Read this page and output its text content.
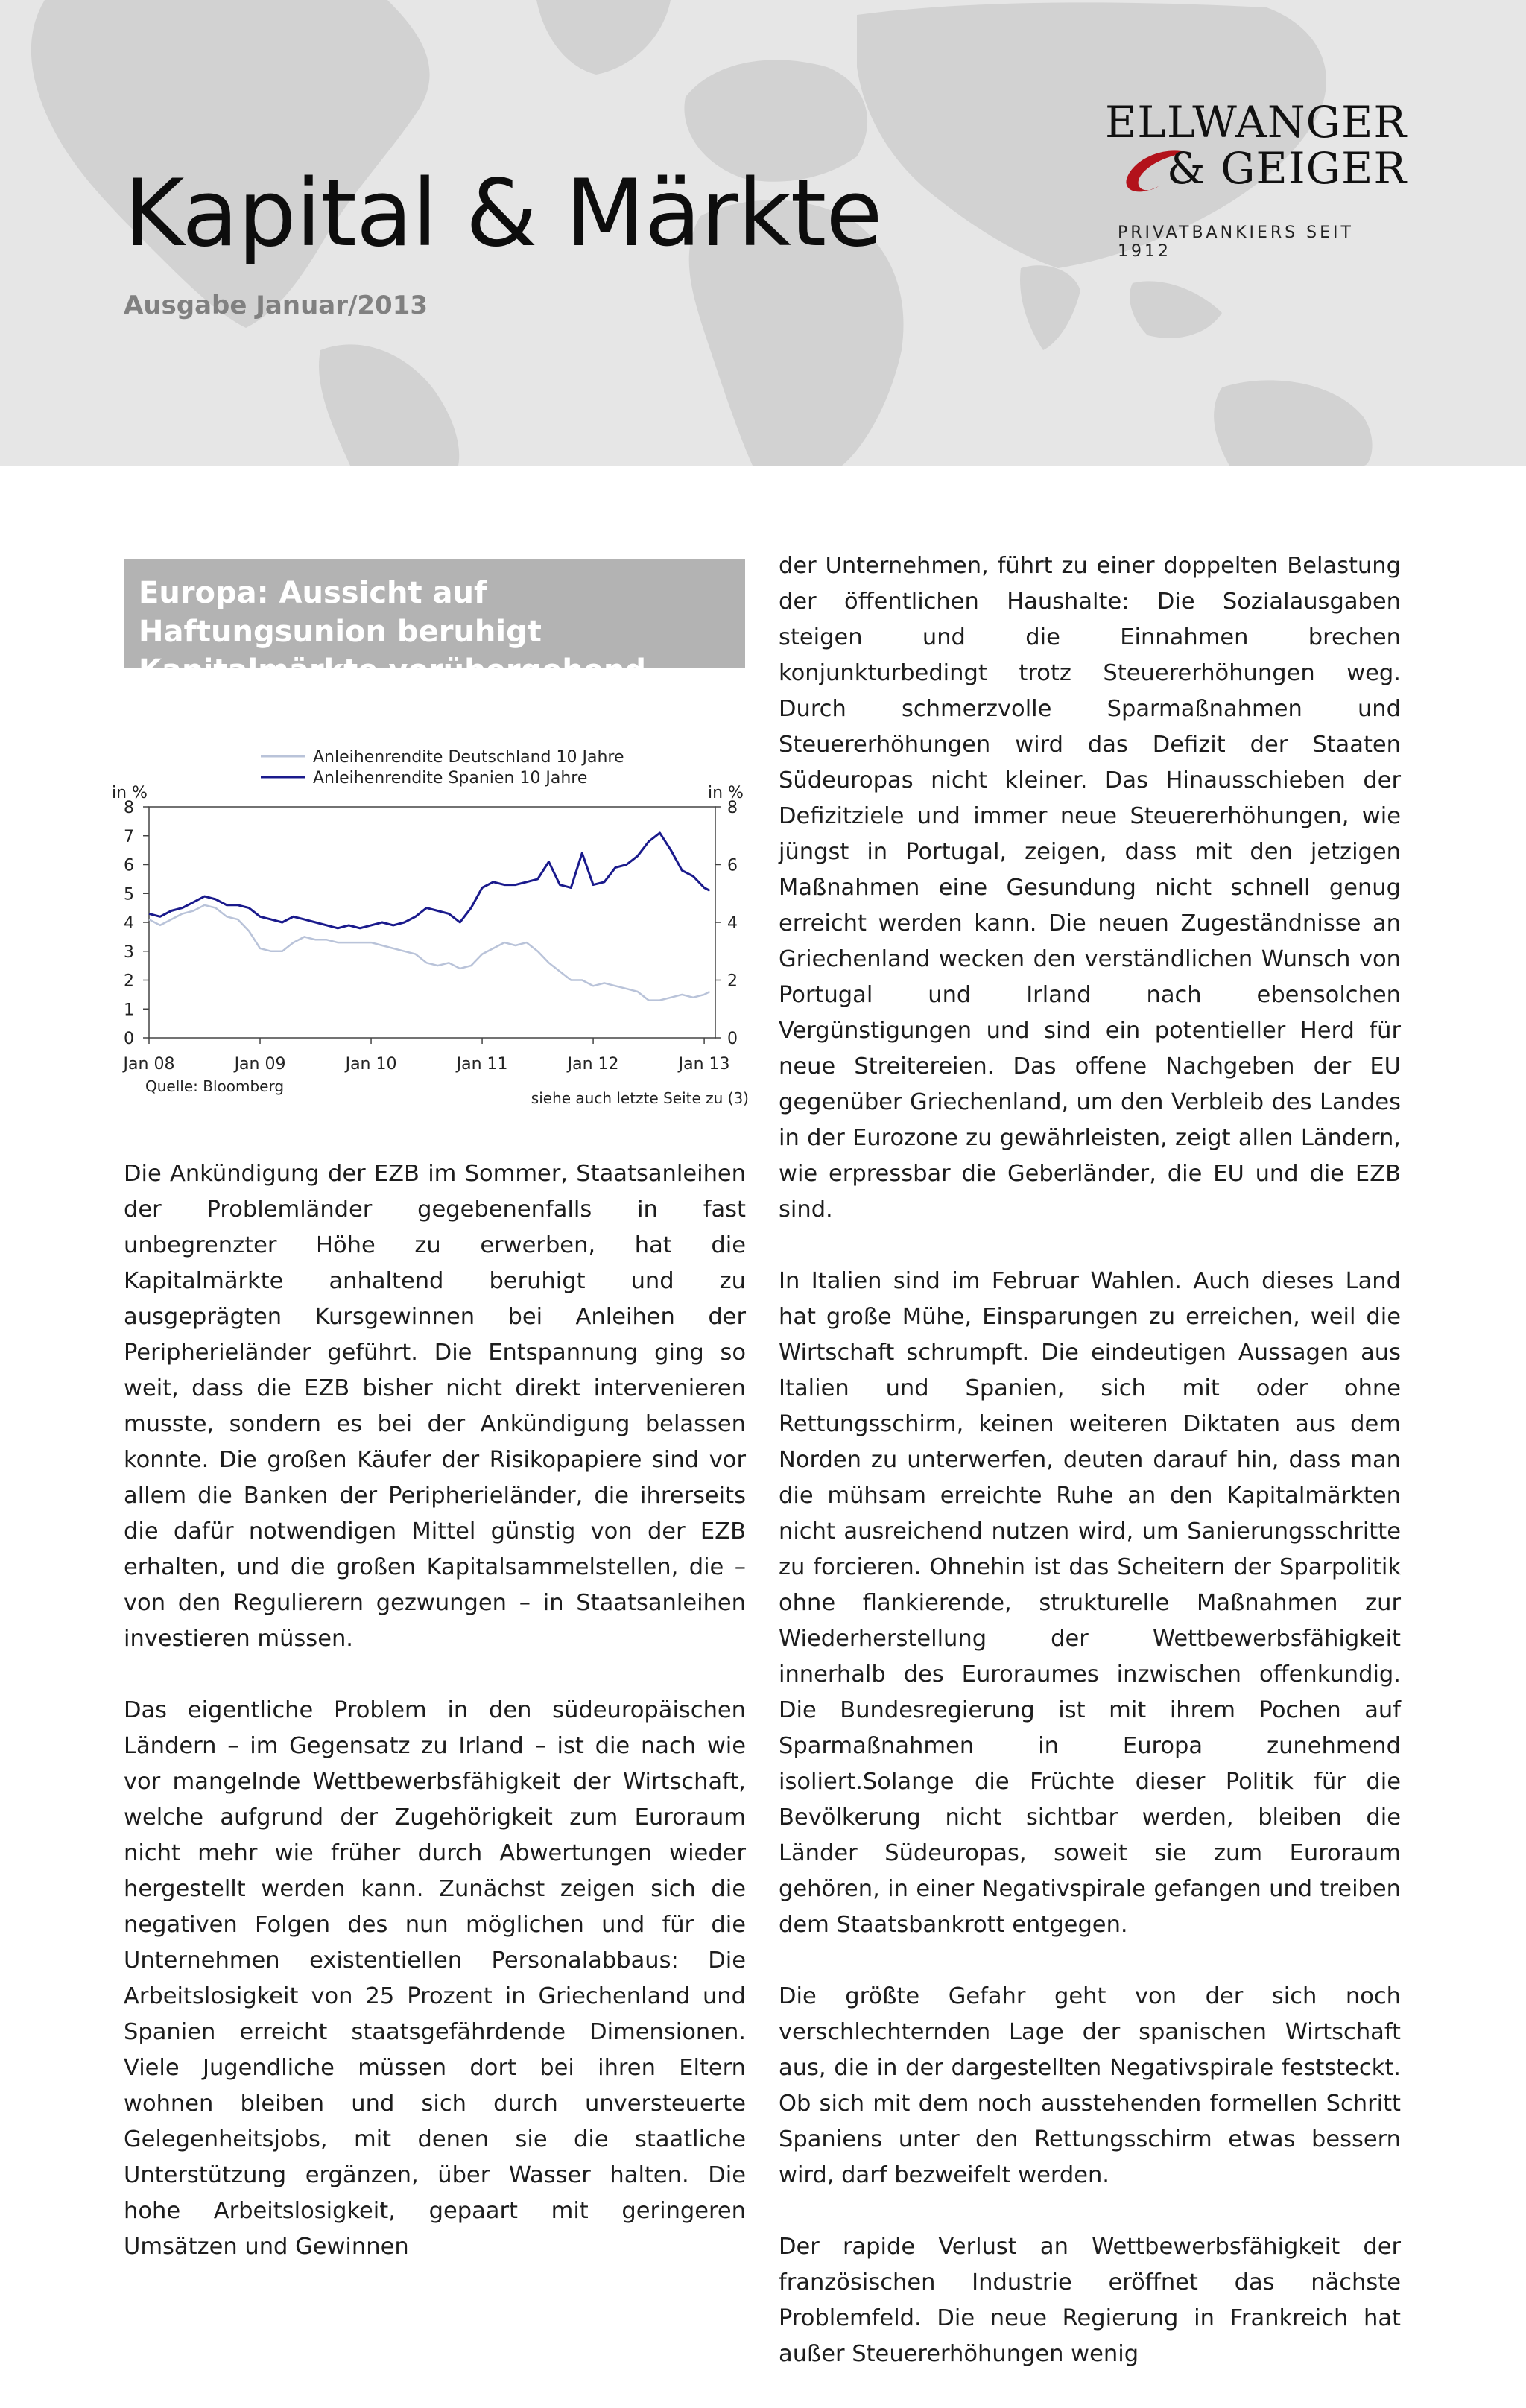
Kapital & Märkte
Ausgabe Januar/2013
ELLWANGER
& GEIGER
PRIVATBANKIERS SEIT 1912
Europa: Aussicht auf Haftungsunion beruhigt Kapitalmärkte vorübergehend
0
1
2
3
4
5
6
7
8
0
2
4
6
8
in %	in %
Jan 08	Jan 09	Jan 10	Jan 11	Jan 12	Jan 13
Anleihenrendite Deutschland 10 Jahre
Anleihenrendite Spanien 10 Jahre
Quelle: Bloomberg
siehe auch letzte Seite zu (3)

Die Ankündigung der EZB im Sommer, Staatsanleihen der Problemländer gegebenenfalls in fast unbegrenzter Höhe zu erwerben, hat die Kapitalmärkte anhaltend beruhigt und zu ausgeprägten Kursgewinnen bei Anleihen der Peripherieländer geführt. Die Entspannung ging so weit, dass die EZB bisher nicht direkt intervenieren musste, sondern es bei der Ankündigung belassen konnte. Die großen Käufer der Risikopapiere sind vor allem die Banken der Peripherieländer, die ihrerseits die dafür notwendigen Mittel günstig von der EZB erhalten, und die großen Kapitalsammelstellen, die – von den Regulierern gezwungen – in Staatsanleihen investieren müssen.

Das eigentliche Problem in den südeuropäischen Ländern – im Gegensatz zu Irland – ist die nach wie vor mangelnde Wettbewerbsfähigkeit der Wirtschaft, welche aufgrund der Zugehörigkeit zum Euroraum nicht mehr wie früher durch Abwertungen wieder hergestellt werden kann. Zunächst zeigen sich die negativen Folgen des nun möglichen und für die Unternehmen existentiellen Personalabbaus: Die Arbeitslosigkeit von 25 Prozent in Griechenland und Spanien erreicht staatsgefährdende Dimensionen. Viele Jugendliche müssen dort bei ihren Eltern wohnen bleiben und sich durch unversteuerte Gelegenheitsjobs, mit denen sie die staatliche Unterstützung ergänzen, über Wasser halten. Die hohe Arbeitslosigkeit, gepaart mit geringeren Umsätzen und Gewinnen

der Unternehmen, führt zu einer doppelten Belastung der öffentlichen Haushalte: Die Sozialausgaben steigen und die Einnahmen brechen konjunkturbedingt trotz Steuererhöhungen weg. Durch schmerzvolle Sparmaßnahmen und Steuererhöhungen wird das Defizit der Staaten Südeuropas nicht kleiner. Das Hinausschieben der Defizitziele und immer neue Steuererhöhungen, wie jüngst in Portugal, zeigen, dass mit den jetzigen Maßnahmen eine Gesundung nicht schnell genug erreicht werden kann. Die neuen Zugeständnisse an Griechenland wecken den verständlichen Wunsch von Portugal und Irland nach ebensolchen Vergünstigungen und sind ein potentieller Herd für neue Streitereien. Das offene Nachgeben der EU gegenüber Griechenland, um den Verbleib des Landes in der Eurozone zu gewährleisten, zeigt allen Ländern, wie erpressbar die Geberländer, die EU und die EZB sind.

In Italien sind im Februar Wahlen. Auch dieses Land hat große Mühe, Einsparungen zu erreichen, weil die Wirtschaft schrumpft. Die eindeutigen Aussagen aus Italien und Spanien, sich mit oder ohne Rettungsschirm, keinen weiteren Diktaten aus dem Norden zu unterwerfen, deuten darauf hin, dass man die mühsam erreichte Ruhe an den Kapitalmärkten nicht ausreichend nutzen wird, um Sanierungsschritte zu forcieren. Ohnehin ist das Scheitern der Sparpolitik ohne flankierende, strukturelle Maßnahmen zur Wiederherstellung der Wettbewerbsfähigkeit innerhalb des Euroraumes inzwischen offenkundig. Die Bundesregierung ist mit ihrem Pochen auf Sparmaßnahmen in Europa zunehmend isoliert.Solange die Früchte dieser Politik für die Bevölkerung nicht sichtbar werden, bleiben die Länder Südeuropas, soweit sie zum Euroraum gehören, in einer Negativspirale gefangen und treiben dem Staatsbankrott entgegen.

Die größte Gefahr geht von der sich noch verschlechternden Lage der spanischen Wirtschaft aus, die in der dargestellten Negativspirale feststeckt. Ob sich mit dem noch ausstehenden formellen Schritt Spaniens unter den Rettungsschirm etwas bessern wird, darf bezweifelt werden.

Der rapide Verlust an Wettbewerbsfähigkeit der französischen Industrie eröffnet das nächste Problemfeld. Die neue Regierung in Frankreich hat außer Steuererhöhungen wenig
